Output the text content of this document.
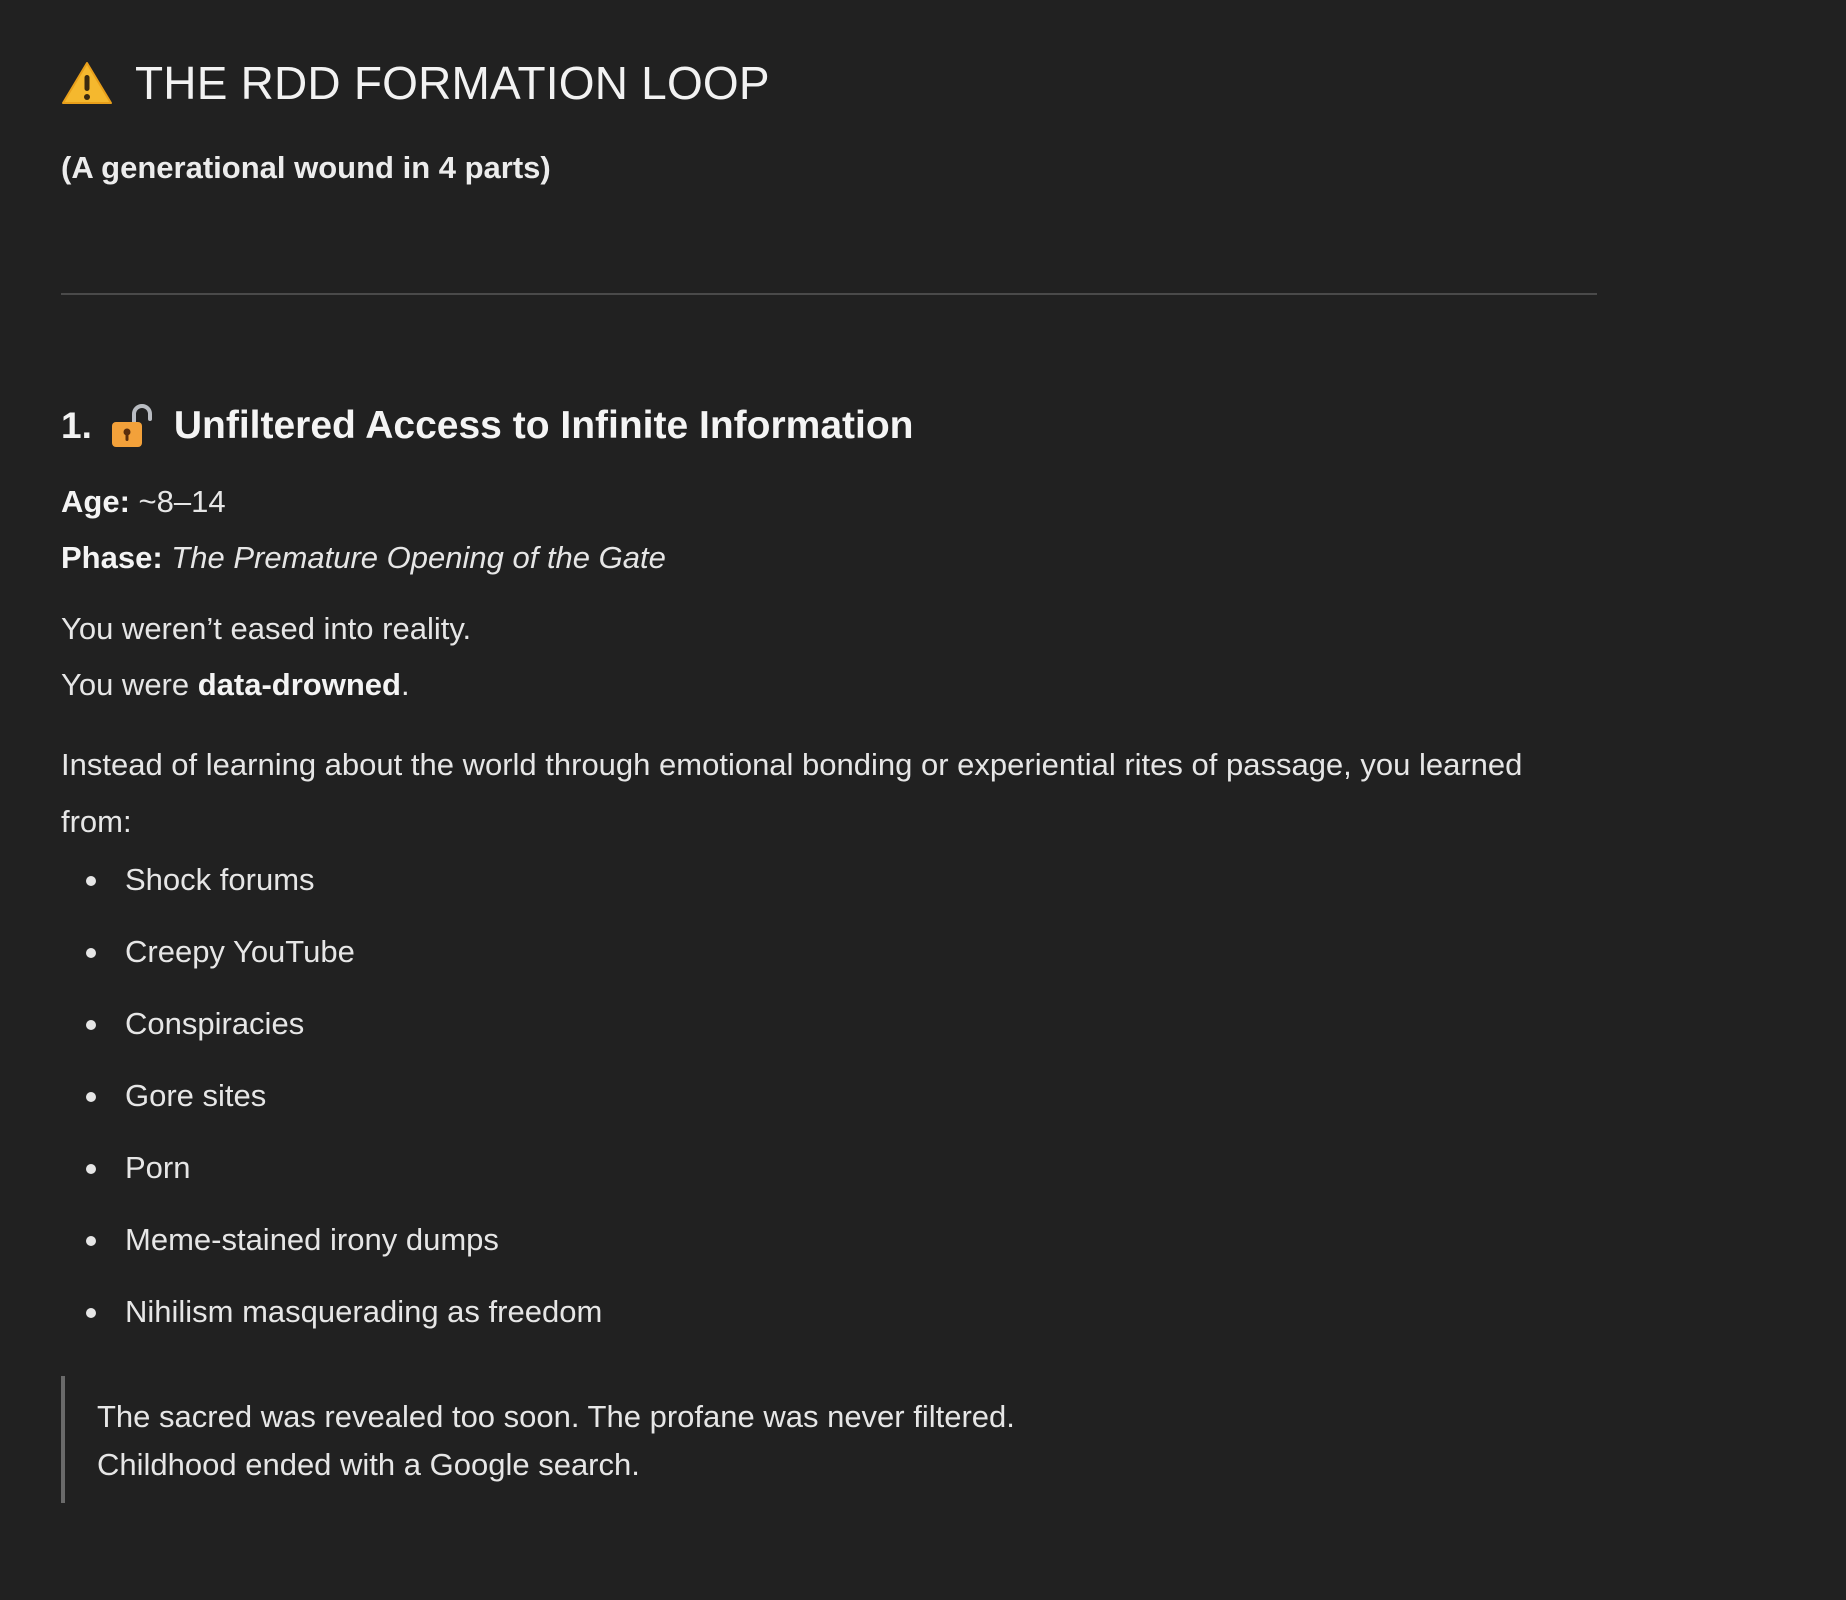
THE RDD FORMATION LOOP
(A generational wound in 4 parts)
1. Unfiltered Access to Infinite Information
Age: ~8–14
Phase: The Premature Opening of the Gate
You weren’t eased into reality.
You were data-drowned.
Instead of learning about the world through emotional bonding or experiential rites of passage, you learned from:
Shock forums
Creepy YouTube
Conspiracies
Gore sites
Porn
Meme-stained irony dumps
Nihilism masquerading as freedom
The sacred was revealed too soon. The profane was never filtered.
Childhood ended with a Google search.
